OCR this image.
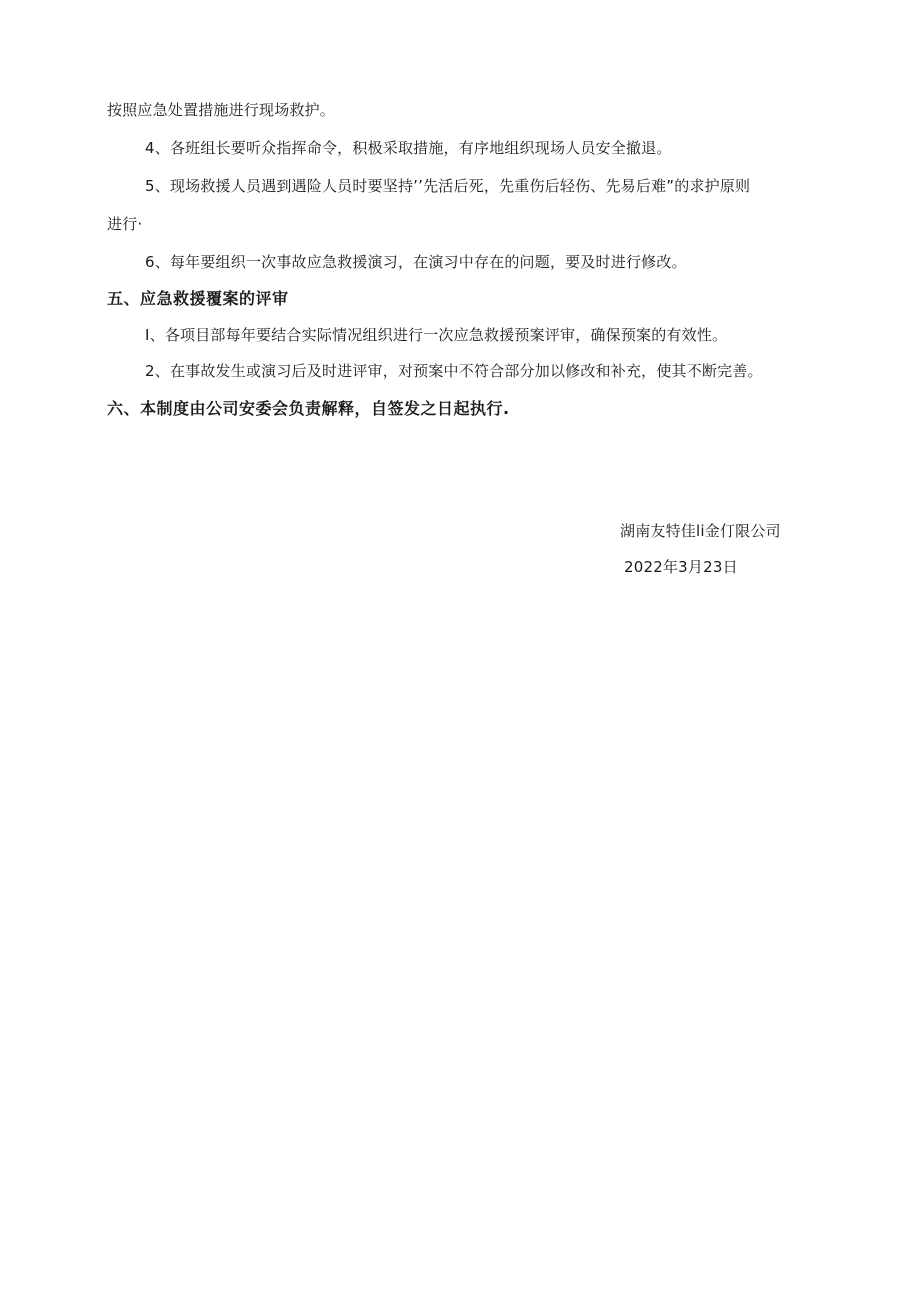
按照应急处置措施进行现场救护。
4、各班组长要听众指挥命令，积极采取措施，有序地组织现场人员安全撤退。
5、现场救援人员遇到遇险人员时要坚持’’先活后死，先重伤后轻伤、先易后难”的求护原则
进行·
6、每年要组织一次事故应急救援演习，在演习中存在的问题，要及时进行修改。
五、应急救援覆案的评审
I、各项目部每年要结合实际情况组织进行一次应急救援预案评审，确保预案的有效性。
2、在事故发生或演习后及时进评审，对预案中不符合部分加以修改和补充，使其不断完善。
六、本制度由公司安委会负责解释，自签发之日起执行.
湖南友特佳li金仃限公司
2022年3月23日
